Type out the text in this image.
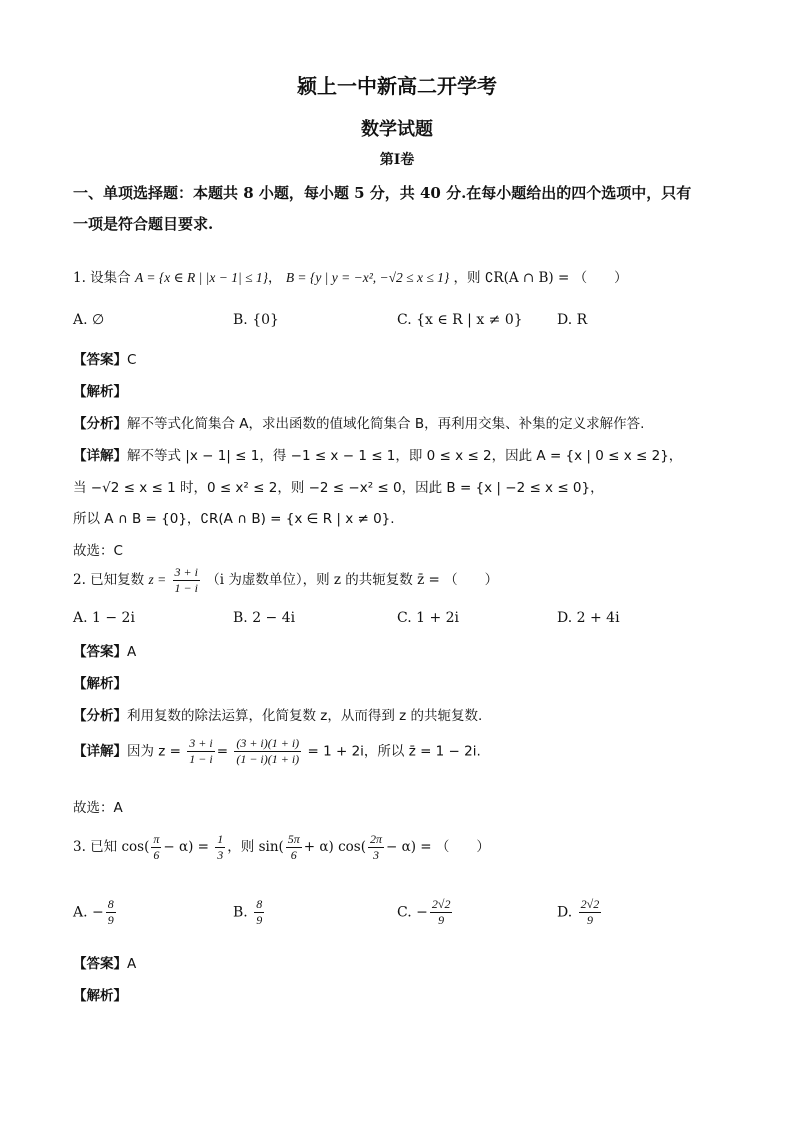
颍上一中新高二开学考
数学试题
第Ⅰ卷
一、单项选择题：本题共 8 小题，每小题 5 分，共 40 分.在每小题给出的四个选项中，只有
一项是符合题目要求.
1. 设集合 A = {x ∈ R | |x − 1| ≤ 1}， B = {y | y = −x², −√2 ≤ x ≤ 1} ，则 ∁R(A ∩ B) = （　　）
A. ∅	B. {0}	C. {x ∈ R | x ≠ 0} D. R
【答案】C
【解析】
【分析】解不等式化简集合 A，求出函数的值域化简集合 B，再利用交集、补集的定义求解作答.
【详解】解不等式 |x − 1| ≤ 1，得 −1 ≤ x − 1 ≤ 1，即 0 ≤ x ≤ 2，因此 A = {x | 0 ≤ x ≤ 2}，
当 −√2 ≤ x ≤ 1 时，0 ≤ x² ≤ 2，则 −2 ≤ −x² ≤ 0，因此 B = {x | −2 ≤ x ≤ 0}，
所以 A ∩ B = {0}，∁R(A ∩ B) = {x ∈ R | x ≠ 0}.
故选：C
2. 已知复数 $z = \frac{3 + i}{1 - i} (i$ 为虚数单位），则 z 的共轭复数 z̄ = （　　）
A. 1 − 2i	B. 2 − 4i	C. 1 + 2i	D. 2 + 4i
【答案】A
【解析】
【分析】利用复数的除法运算，化简复数 z，从而得到 z 的共轭复数.
【详解】因为 $z = \frac{3 + i}{1 - i} = \frac{(3 + i)(1 + i)}{(1 - i)(1 + i)} = 1 + 2i$，所以 z̄ = 1 − 2i.
故选：A
3. 已知 $\cos( \frac{\pi}{6} - \alpha) = \frac{1}{3}$ ，则 $\sin( \frac{5\pi}{6} + \alpha)$ $\cos( \frac{2\pi}{3} - \alpha)$ = （　　）
A. − $\frac{8}{9}$	B. $\frac{8}{9}$	C. − $\frac{2√2}{9}$	D. $\frac{2√2}{9}$
【答案】A
【解析】
